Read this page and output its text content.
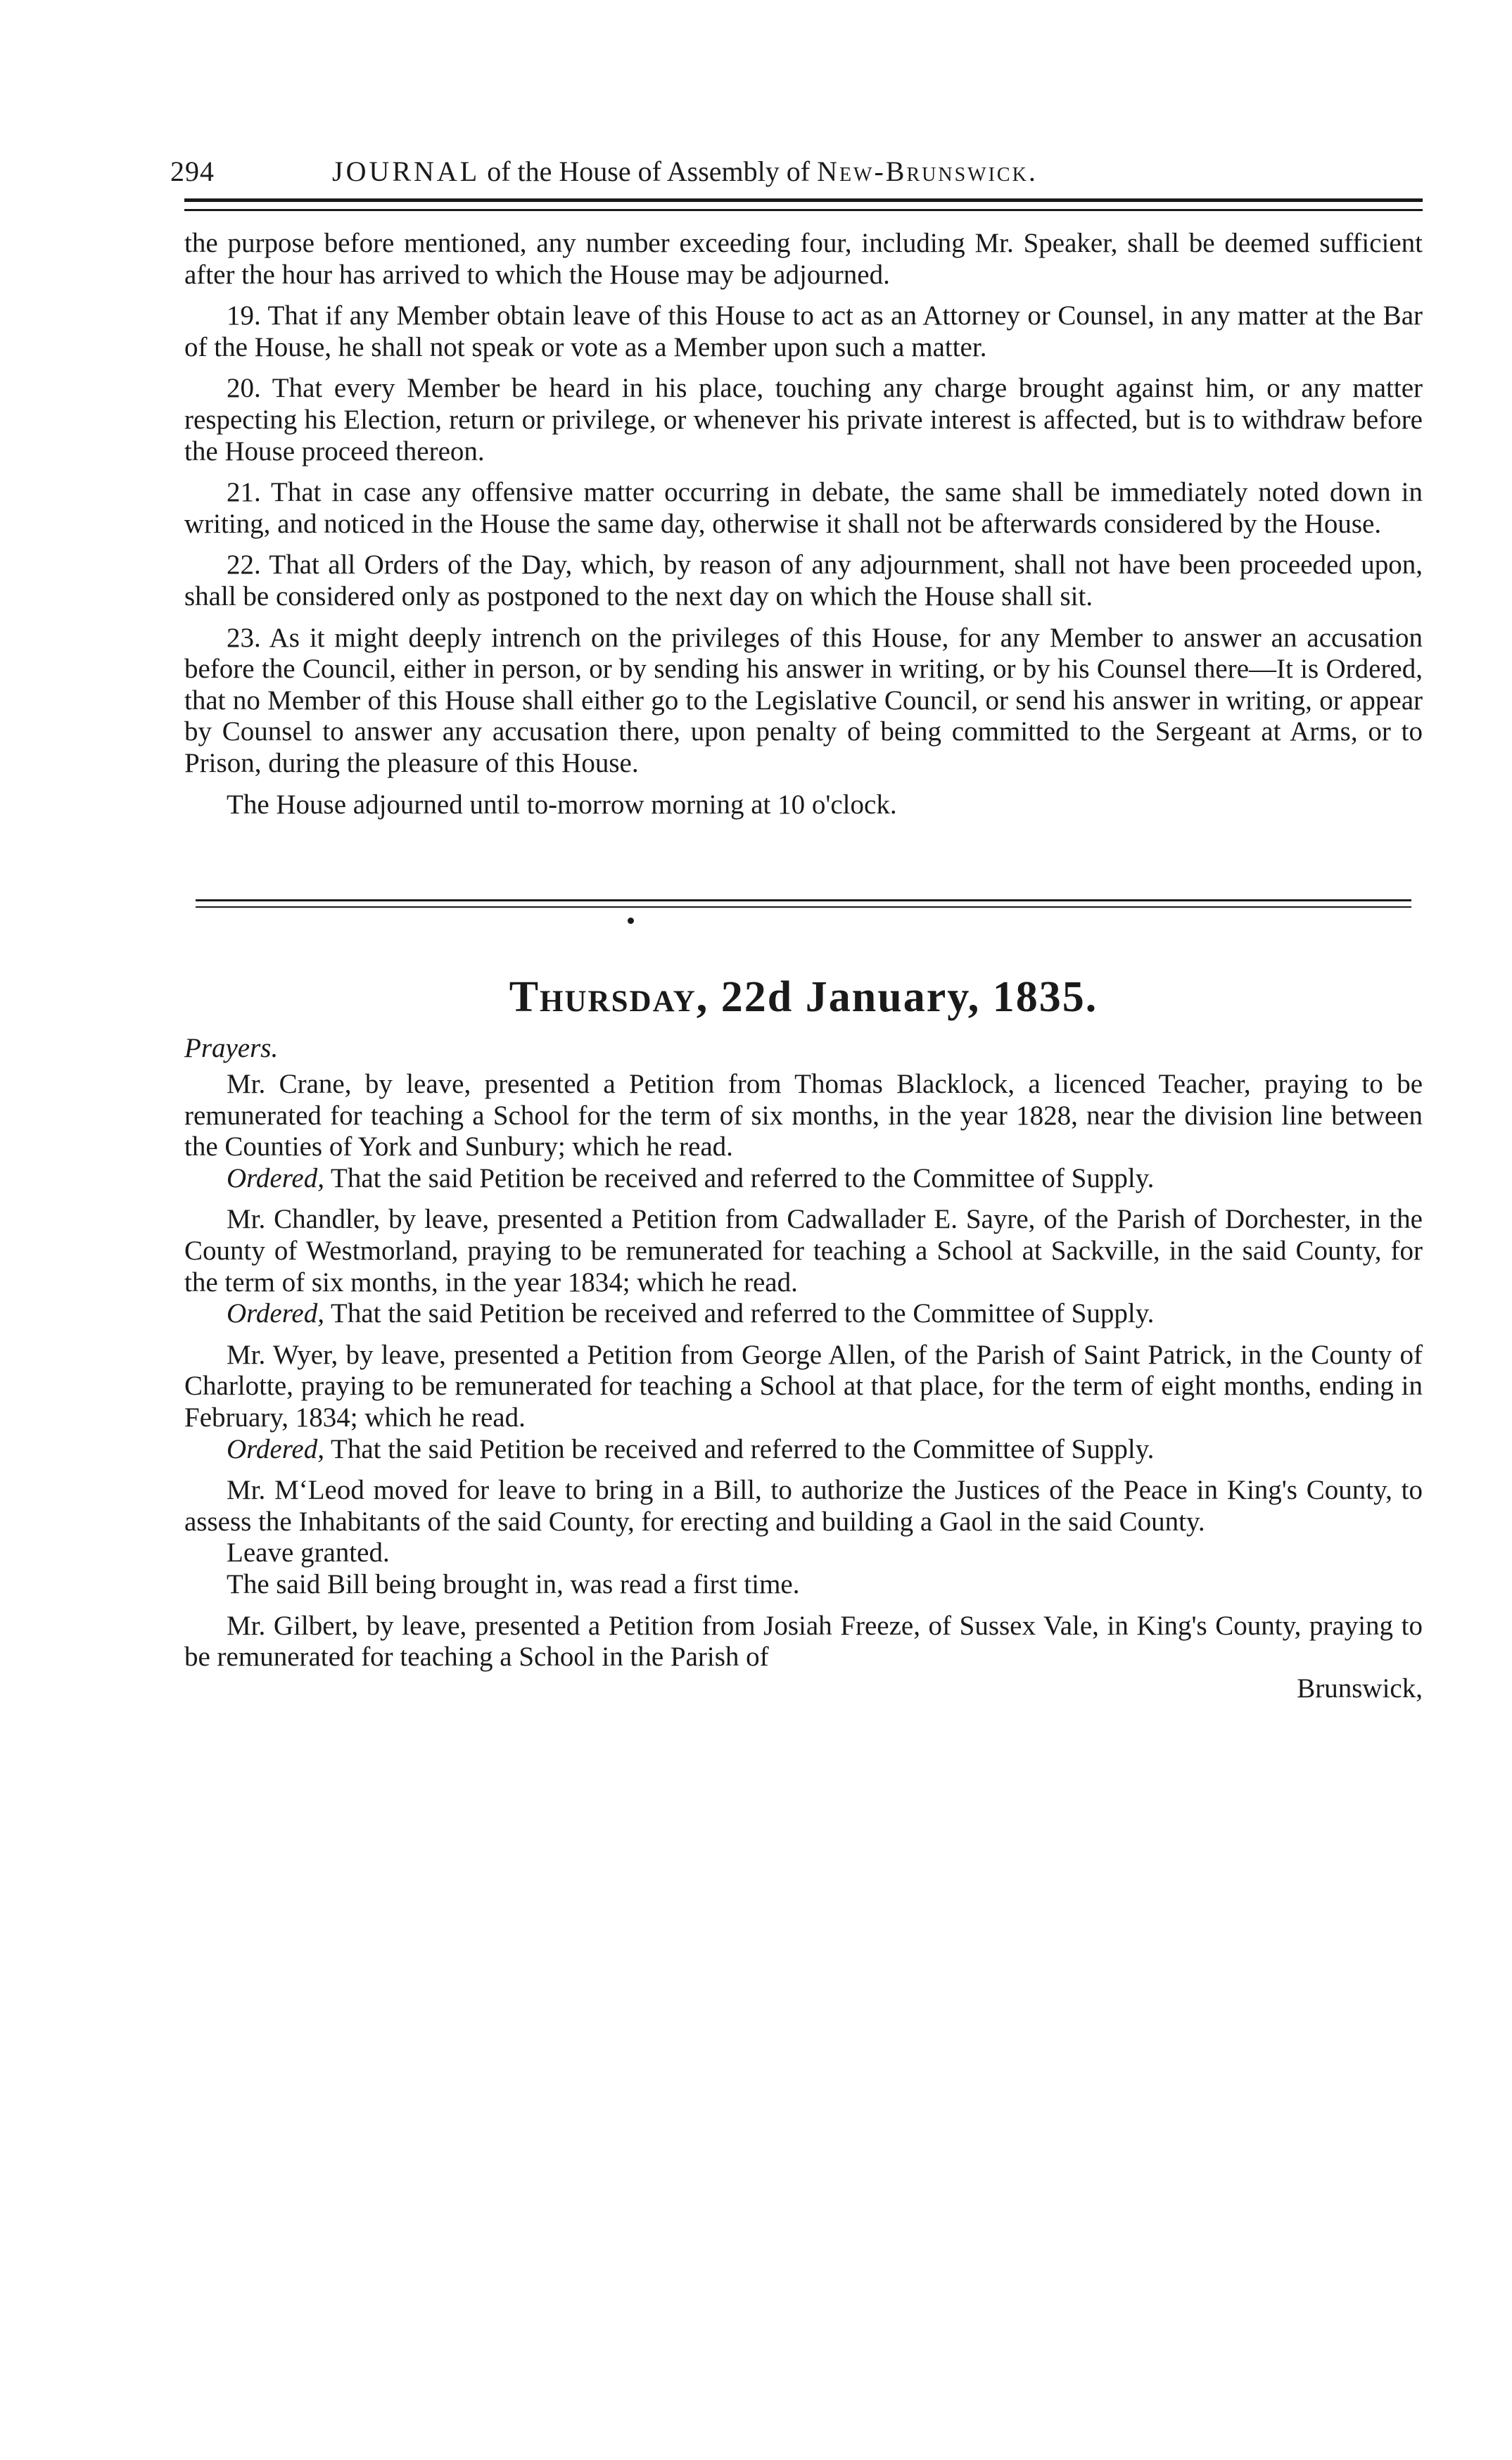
294	JOURNAL of the House of Assembly of New-Brunswick.

the purpose before mentioned, any number exceeding four, including Mr. Speaker, shall be deemed sufficient after the hour has arrived to which the House may be adjourned.

19. That if any Member obtain leave of this House to act as an Attorney or Counsel, in any matter at the Bar of the House, he shall not speak or vote as a Member upon such a matter.

20. That every Member be heard in his place, touching any charge brought against him, or any matter respecting his Election, return or privilege, or whenever his private interest is affected, but is to withdraw before the House proceed thereon.

21. That in case any offensive matter occurring in debate, the same shall be immediately noted down in writing, and noticed in the House the same day, otherwise it shall not be afterwards considered by the House.

22. That all Orders of the Day, which, by reason of any adjournment, shall not have been proceeded upon, shall be considered only as postponed to the next day on which the House shall sit.

23. As it might deeply intrench on the privileges of this House, for any Member to answer an accusation before the Council, either in person, or by sending his answer in writing, or by his Counsel there—It is Ordered, that no Member of this House shall either go to the Legislative Council, or send his answer in writing, or appear by Counsel to answer any accusation there, upon penalty of being committed to the Sergeant at Arms, or to Prison, during the pleasure of this House.

The House adjourned until to-morrow morning at 10 o'clock.

Thursday, 22d January, 1835.
Prayers.

Mr. Crane, by leave, presented a Petition from Thomas Blacklock, a licenced Teacher, praying to be remunerated for teaching a School for the term of six months, in the year 1828, near the division line between the Counties of York and Sunbury; which he read.

Ordered, That the said Petition be received and referred to the Committee of Supply.

Mr. Chandler, by leave, presented a Petition from Cadwallader E. Sayre, of the Parish of Dorchester, in the County of Westmorland, praying to be remunerated for teaching a School at Sackville, in the said County, for the term of six months, in the year 1834; which he read.

Ordered, That the said Petition be received and referred to the Committee of Supply.

Mr. Wyer, by leave, presented a Petition from George Allen, of the Parish of Saint Patrick, in the County of Charlotte, praying to be remunerated for teaching a School at that place, for the term of eight months, ending in February, 1834; which he read.

Ordered, That the said Petition be received and referred to the Committee of Supply.

Mr. M‘Leod moved for leave to bring in a Bill, to authorize the Justices of the Peace in King's County, to assess the Inhabitants of the said County, for erecting and building a Gaol in the said County.

Leave granted.

The said Bill being brought in, was read a first time.

Mr. Gilbert, by leave, presented a Petition from Josiah Freeze, of Sussex Vale, in King's County, praying to be remunerated for teaching a School in the Parish of

Brunswick,
